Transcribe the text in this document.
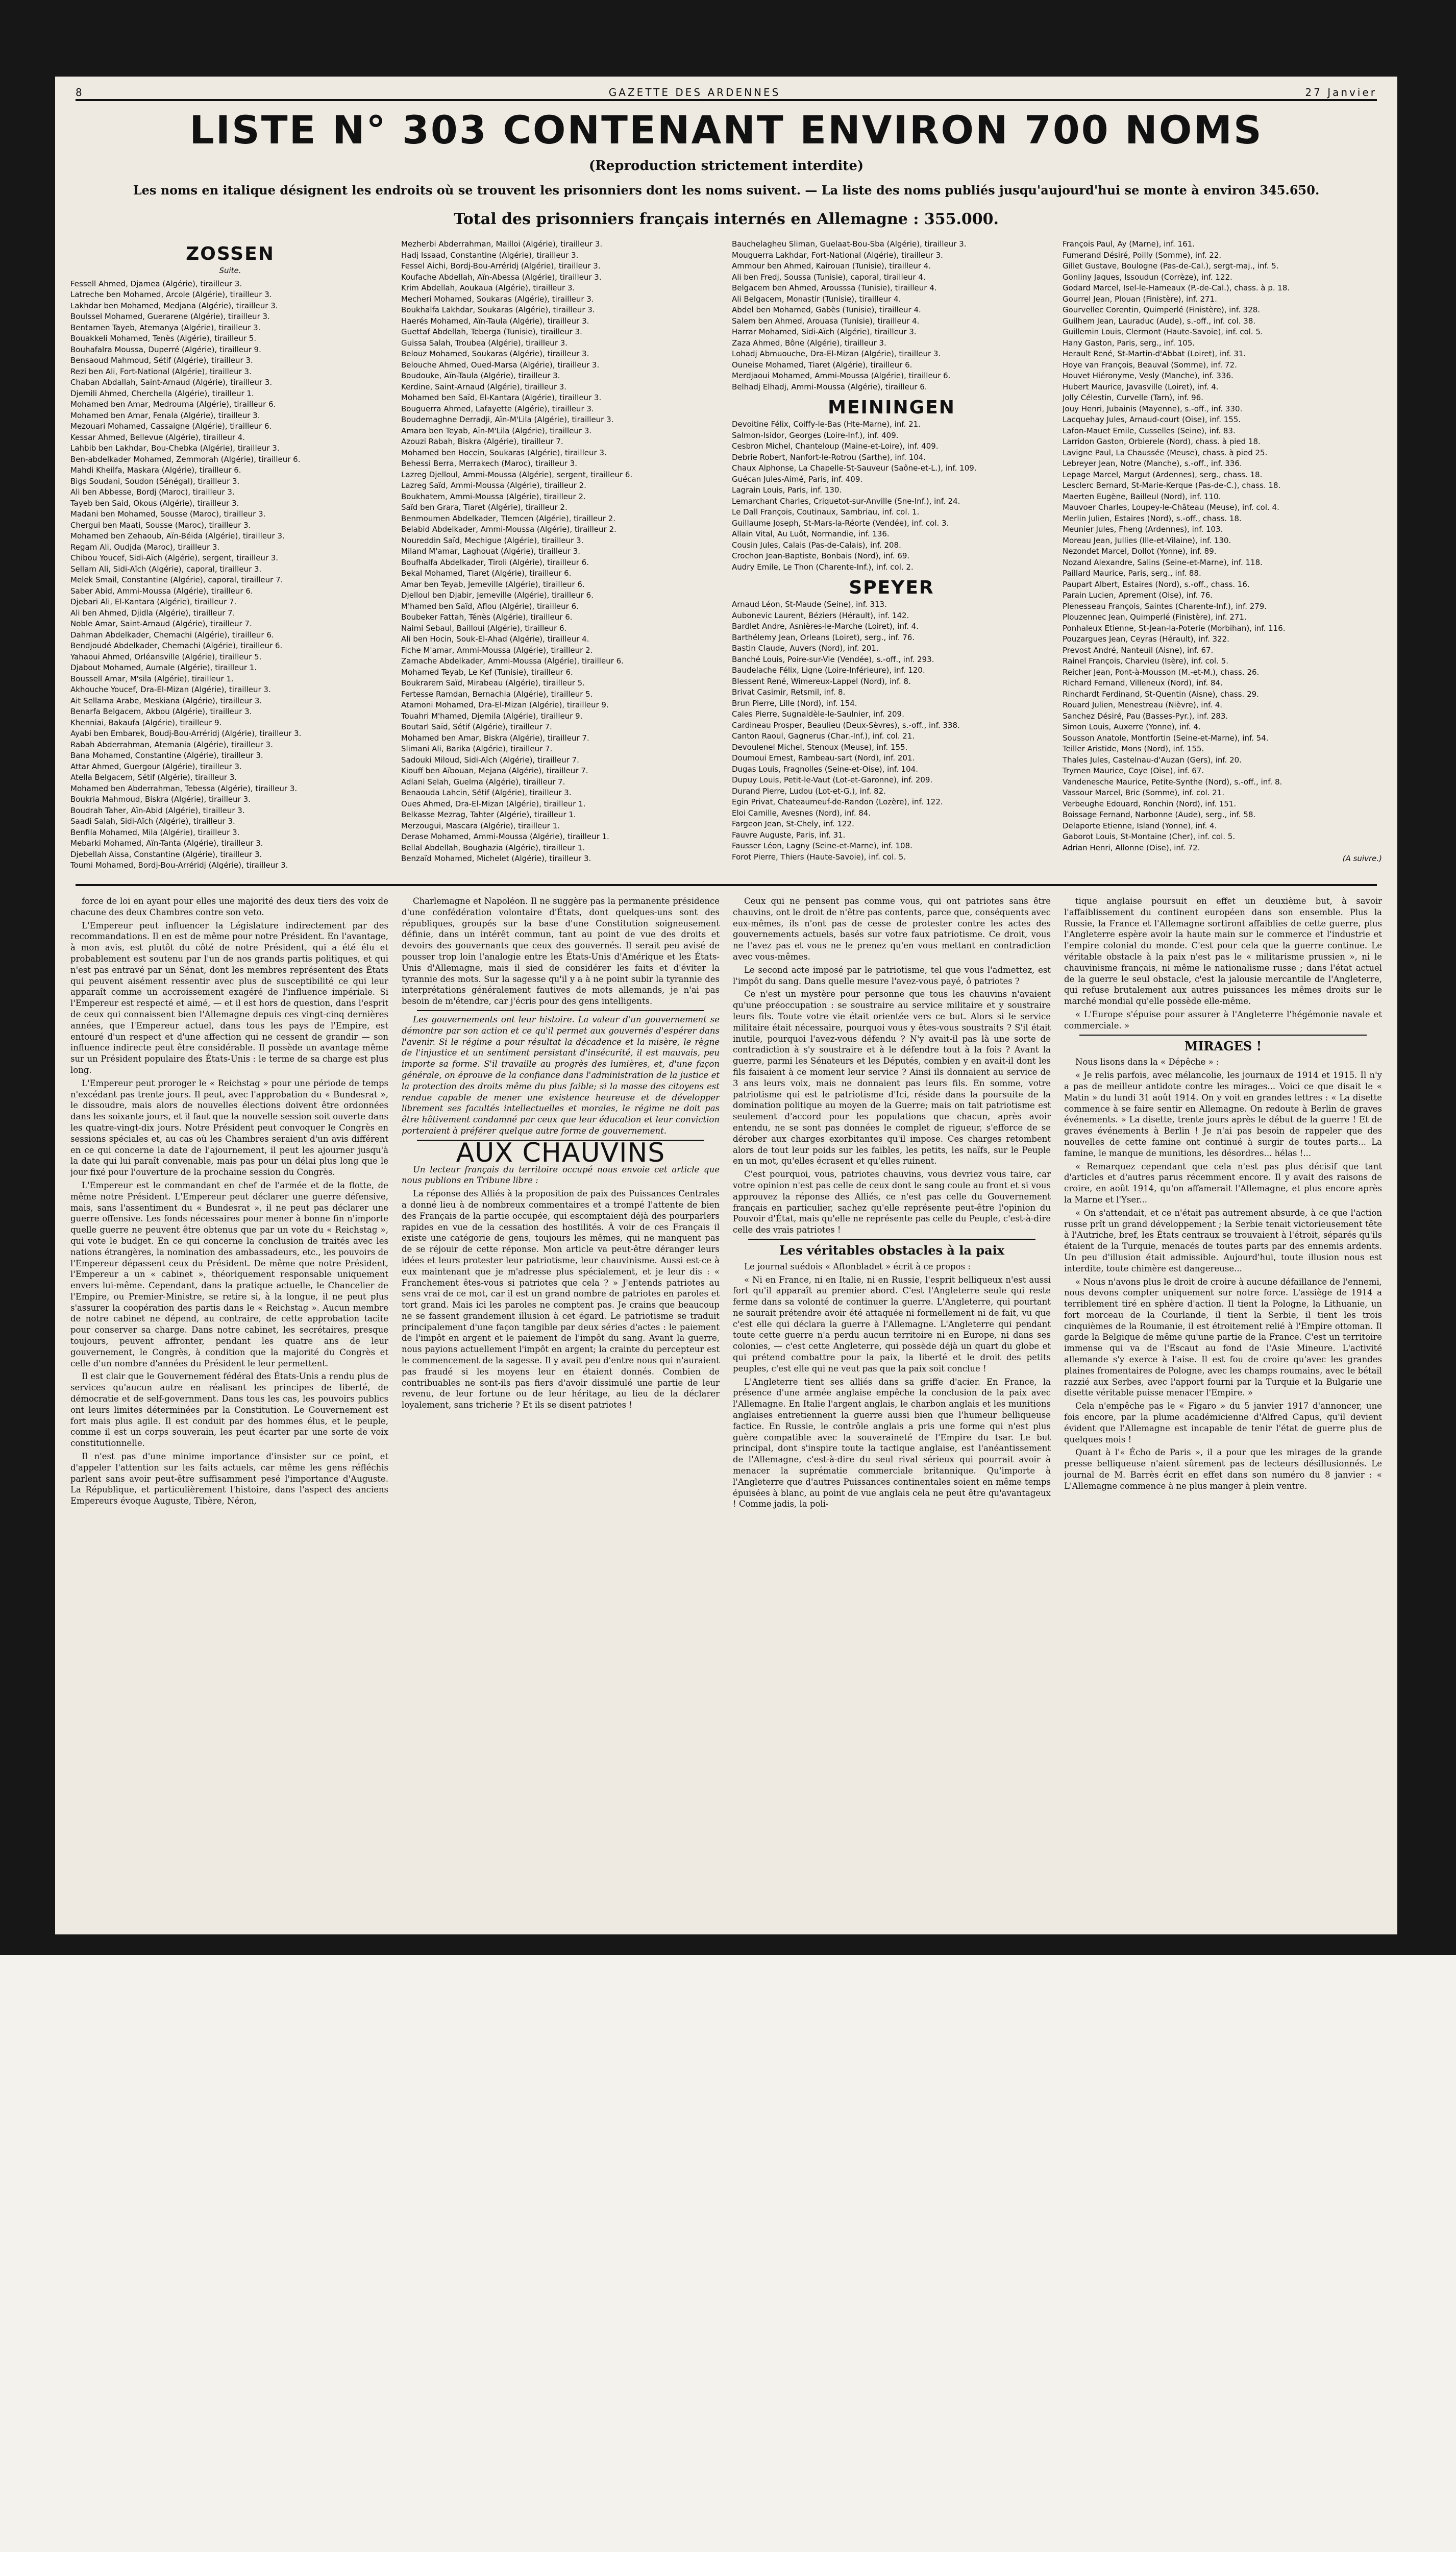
8	GAZETTE DES ARDENNES	27 Janvier
LISTE N° 303 CONTENANT ENVIRON 700 NOMS
(Reproduction strictement interdite)
Les noms en italique désignent les endroits où se trouvent les prisonniers dont les noms suivent. — La liste des noms publiés jusqu'aujourd'hui se monte à environ 345.650.
Total des prisonniers français internés en Allemagne : 355.000.
ZOSSEN
Suite.
Fessell Ahmed, Djamea (Algérie), tirailleur 3.
Latreche ben Mohamed, Arcole (Algérie), tirailleur 3.
Lakhdar ben Mohamed, Medjana (Algérie), tirailleur 3.
Boulssel Mohamed, Guerarene (Algérie), tirailleur 3.
Bentamen Tayeb, Atemanya (Algérie), tirailleur 3.
Bouakkeli Mohamed, Tenès (Algérie), tirailleur 5.
Bouhafalra Moussa, Duperré (Algérie), tirailleur 9.
Bensaoud Mahmoud, Sétif (Algérie), tirailleur 3.
Rezi ben Ali, Fort-National (Algérie), tirailleur 3.
Chaban Abdallah, Saint-Arnaud (Algérie), tirailleur 3.
Djemili Ahmed, Cherchella (Algérie), tirailleur 1.
Mohamed ben Amar, Medrouma (Algérie), tirailleur 6.
Mohamed ben Amar, Fenala (Algérie), tirailleur 3.
Mezouari Mohamed, Cassaigne (Algérie), tirailleur 6.
Kessar Ahmed, Bellevue (Algérie), tirailleur 4.
Lahbib ben Lakhdar, Bou-Chebka (Algérie), tirailleur 3.
Ben-abdelkader Mohamed, Zemmorah (Algérie), tirailleur 6.
Mahdi Kheilfa, Maskara (Algérie), tirailleur 6.
Bigs Soudani, Soudon (Sénégal), tirailleur 3.
Ali ben Abbesse, Bordj (Maroc), tirailleur 3.
Tayeb ben Said, Okous (Algérie), tirailleur 3.
Madani ben Mohamed, Sousse (Maroc), tirailleur 3.
Chergui ben Maati, Sousse (Maroc), tirailleur 3.
Mohamed ben Zehaoub, Aïn-Béida (Algérie), tirailleur 3.
Regam Ali, Oudjda (Maroc), tirailleur 3.
Chibou Youcef, Sidi-Aïch (Algérie), sergent, tirailleur 3.
Sellam Ali, Sidi-Aïch (Algérie), caporal, tirailleur 3.
Melek Smail, Constantine (Algérie), caporal, tirailleur 7.
Saber Abid, Ammi-Moussa (Algérie), tirailleur 6.
Djebari Ali, El-Kantara (Algérie), tirailleur 7.
Ali ben Ahmed, Djidla (Algérie), tirailleur 7.
Noble Amar, Saint-Arnaud (Algérie), tirailleur 7.
Dahman Abdelkader, Chemachi (Algérie), tirailleur 6.
Bendjoudé Abdelkader, Chemachi (Algérie), tirailleur 6.
Yahaoui Ahmed, Orléansville (Algérie), tirailleur 5.
Djabout Mohamed, Aumale (Algérie), tirailleur 1.
Boussell Amar, M'sila (Algérie), tirailleur 1.
Akhouche Youcef, Dra-El-Mizan (Algérie), tirailleur 3.
Ait Sellama Arabe, Meskiana (Algérie), tirailleur 3.
Benarfa Belgacem, Akbou (Algérie), tirailleur 3.
Khenniai, Bakaufa (Algérie), tirailleur 9.
Ayabi ben Embarek, Boudj-Bou-Arréridj (Algérie), tirailleur 3.
Rabah Abderrahman, Atemania (Algérie), tirailleur 3.
Bana Mohamed, Constantine (Algérie), tirailleur 3.
Attar Ahmed, Guergour (Algérie), tirailleur 3.
Atella Belgacem, Sétif (Algérie), tirailleur 3.
Mohamed ben Abderrahman, Tebessa (Algérie), tirailleur 3.
Boukria Mahmoud, Biskra (Algérie), tirailleur 3.
Boudrah Taher, Aïn-Abid (Algérie), tirailleur 3.
Saadi Salah, Sidi-Aïch (Algérie), tirailleur 3.
Benfila Mohamed, Mila (Algérie), tirailleur 3.
Mebarki Mohamed, Aïn-Tanta (Algérie), tirailleur 3.
Djebellah Aissa, Constantine (Algérie), tirailleur 3.
Toumi Mohamed, Bordj-Bou-Arréridj (Algérie), tirailleur 3.
Mezherbi Abderrahman, Mailloi (Algérie), tirailleur 3.
Hadj Issaad, Constantine (Algérie), tirailleur 3.
Fessel Aichi, Bordj-Bou-Arréridj (Algérie), tirailleur 3.
Koufache Abdellah, Aïn-Abessa (Algérie), tirailleur 3.
Krim Abdellah, Aoukaua (Algérie), tirailleur 3.
Mecheri Mohamed, Soukaras (Algérie), tirailleur 3.
Boukhalfa Lakhdar, Soukaras (Algérie), tirailleur 3.
Haerés Mohamed, Aïn-Taula (Algérie), tirailleur 3.
Guettaf Abdellah, Teberga (Tunisie), tirailleur 3.
Guissa Salah, Troubea (Algérie), tirailleur 3.
Belouz Mohamed, Soukaras (Algérie), tirailleur 3.
Belouche Ahmed, Oued-Marsa (Algérie), tirailleur 3.
Boudouke, Aïn-Taula (Algérie), tirailleur 3.
Kerdine, Saint-Arnaud (Algérie), tirailleur 3.
Mohamed ben Saïd, El-Kantara (Algérie), tirailleur 3.
Bouguerra Ahmed, Lafayette (Algérie), tirailleur 3.
Boudemaghne Derradji, Aïn-M'Lila (Algérie), tirailleur 3.
Amara ben Teyab, Aïn-M'Lila (Algérie), tirailleur 3.
Azouzi Rabah, Biskra (Algérie), tirailleur 7.
Mohamed ben Hocein, Soukaras (Algérie), tirailleur 3.
Behessi Berra, Merrakech (Maroc), tirailleur 3.
Lazreg Djelloul, Ammi-Moussa (Algérie), sergent, tirailleur 6.
Lazreg Saïd, Ammi-Moussa (Algérie), tirailleur 2.
Boukhatem, Ammi-Moussa (Algérie), tirailleur 2.
Saïd ben Grara, Tiaret (Algérie), tirailleur 2.
Benmoumen Abdelkader, Tlemcen (Algérie), tirailleur 2.
Belabid Abdelkader, Ammi-Moussa (Algérie), tirailleur 2.
Noureddin Saïd, Mechigue (Algérie), tirailleur 3.
Miland M'amar, Laghouat (Algérie), tirailleur 3.
Boufhalfa Abdelkader, Tiroli (Algérie), tirailleur 6.
Bekal Mohamed, Tiaret (Algérie), tirailleur 6.
Amar ben Teyab, Jemeville (Algérie), tirailleur 6.
Djelloul ben Djabir, Jemeville (Algérie), tirailleur 6.
M'hamed ben Saïd, Aflou (Algérie), tirailleur 6.
Boubeker Fattah, Ténès (Algérie), tirailleur 6.
Naimi Sebaul, Bailloui (Algérie), tirailleur 6.
Ali ben Hocin, Souk-El-Ahad (Algérie), tirailleur 4.
Fiche M'amar, Ammi-Moussa (Algérie), tirailleur 2.
Zamache Abdelkader, Ammi-Moussa (Algérie), tirailleur 6.
Mohamed Teyab, Le Kef (Tunisie), tirailleur 6.
Boukrarem Saïd, Mirabeau (Algérie), tirailleur 5.
Fertesse Ramdan, Bernachia (Algérie), tirailleur 5.
Atamoni Mohamed, Dra-El-Mizan (Algérie), tirailleur 9.
Touahri M'hamed, Djemila (Algérie), tirailleur 9.
Boutarl Saïd, Sétif (Algérie), tirailleur 7.
Mohamed ben Amar, Biskra (Algérie), tirailleur 7.
Slimani Ali, Barika (Algérie), tirailleur 7.
Sadouki Miloud, Sidi-Aïch (Algérie), tirailleur 7.
Kiouff ben Aïbouan, Mejana (Algérie), tirailleur 7.
Adlani Selah, Guelma (Algérie), tirailleur 7.
Benaouda Lahcin, Sétif (Algérie), tirailleur 3.
Oues Ahmed, Dra-El-Mizan (Algérie), tirailleur 1.
Belkasse Mezrag, Tahter (Algérie), tirailleur 1.
Merzougui, Mascara (Algérie), tirailleur 1.
Derase Mohamed, Ammi-Moussa (Algérie), tirailleur 1.
Bellal Abdellah, Boughazia (Algérie), tirailleur 1.
Benzaïd Mohamed, Michelet (Algérie), tirailleur 3.
Bauchelagheu Sliman, Guelaat-Bou-Sba (Algérie), tirailleur 3.
Mouguerra Lakhdar, Fort-National (Algérie), tirailleur 3.
Ammour ben Ahmed, Kairouan (Tunisie), tirailleur 4.
Ali ben Fredj, Soussa (Tunisie), caporal, tirailleur 4.
Belgacem ben Ahmed, Arousssa (Tunisie), tirailleur 4.
Ali Belgacem, Monastir (Tunisie), tirailleur 4.
Abdel ben Mohamed, Gabès (Tunisie), tirailleur 4.
Salem ben Ahmed, Arouasa (Tunisie), tirailleur 4.
Harrar Mohamed, Sidi-Aïch (Algérie), tirailleur 3.
Zaza Ahmed, Bône (Algérie), tirailleur 3.
Lohadj Abmuouche, Dra-El-Mizan (Algérie), tirailleur 3.
Ouneise Mohamed, Tiaret (Algérie), tirailleur 6.
Merdjaoui Mohamed, Ammi-Moussa (Algérie), tirailleur 6.
Belhadj Elhadj, Ammi-Moussa (Algérie), tirailleur 6.
MEININGEN
Devoitine Félix, Coiffy-le-Bas (Hte-Marne), inf. 21.
Salmon-Isidor, Georges (Loire-Inf.), inf. 409.
Cesbron Michel, Chanteloup (Maine-et-Loire), inf. 409.
Debrie Robert, Nanfort-le-Rotrou (Sarthe), inf. 104.
Chaux Alphonse, La Chapelle-St-Sauveur (Saône-et-L.), inf. 109.
Guécan Jules-Aimé, Paris, inf. 409.
Lagrain Louis, Paris, inf. 130.
Lemarchant Charles, Criquetot-sur-Anville (Sne-Inf.), inf. 24.
Le Dall François, Coutinaux, Sambriau, inf. col. 1.
Guillaume Joseph, St-Mars-la-Réorte (Vendée), inf. col. 3.
Allain Vital, Au Luôt, Normandie, inf. 136.
Cousin Jules, Calais (Pas-de-Calais), inf. 208.
Crochon Jean-Baptiste, Bonbais (Nord), inf. 69.
Audry Emile, Le Thon (Charente-Inf.), inf. col. 2.
SPEYER
Arnaud Léon, St-Maude (Seine), inf. 313.
Aubonevic Laurent, Béziers (Hérault), inf. 142.
Bardlet Andre, Asnières-le-Marche (Loiret), inf. 4.
Barthélemy Jean, Orleans (Loiret), serg., inf. 76.
Bastin Claude, Auvers (Nord), inf. 201.
Banché Louis, Poire-sur-Vie (Vendée), s.-off., inf. 293.
Baudelache Félix, Ligne (Loire-Inférieure), inf. 120.
Blessent René, Wimereux-Lappel (Nord), inf. 8.
Brivat Casimir, Retsmil, inf. 8.
Brun Pierre, Lille (Nord), inf. 154.
Cales Pierre, Sugnaldèle-le-Saulnier, inf. 209.
Cardineau Prosper, Beaulieu (Deux-Sèvres), s.-off., inf. 338.
Canton Raoul, Gagnerus (Char.-Inf.), inf. col. 21.
Devoulenel Michel, Stenoux (Meuse), inf. 155.
Doumoui Ernest, Rambeau-sart (Nord), inf. 201.
Dugas Louis, Fragnolles (Seine-et-Oise), inf. 104.
Dupuy Louis, Petit-le-Vaut (Lot-et-Garonne), inf. 209.
Durand Pierre, Ludou (Lot-et-G.), inf. 82.
Egin Privat, Chateaumeuf-de-Randon (Lozère), inf. 122.
Eloi Camille, Avesnes (Nord), inf. 84.
Fargeon Jean, St-Chely, inf. 122.
Fauvre Auguste, Paris, inf. 31.
Fausser Léon, Lagny (Seine-et-Marne), inf. 108.
Forot Pierre, Thiers (Haute-Savoie), inf. col. 5.
François Paul, Ay (Marne), inf. 161.
Fumerand Désiré, Poilly (Somme), inf. 22.
Gillet Gustave, Boulogne (Pas-de-Cal.), sergt-maj., inf. 5.
Gonliny Jaques, Issoudun (Corrèze), inf. 122.
Godard Marcel, Isel-le-Hameaux (P.-de-Cal.), chass. à p. 18.
Gourrel Jean, Plouan (Finistère), inf. 271.
Gourvellec Corentin, Quimperlé (Finistère), inf. 328.
Guilhem Jean, Lauraduc (Aude), s.-off., inf. col. 38.
Guillemin Louis, Clermont (Haute-Savoie), inf. col. 5.
Hany Gaston, Paris, serg., inf. 105.
Herault René, St-Martin-d'Abbat (Loiret), inf. 31.
Hoye van François, Beauval (Somme), inf. 72.
Houvet Hiéronyme, Vesly (Manche), inf. 336.
Hubert Maurice, Javasville (Loiret), inf. 4.
Jolly Célestin, Curvelle (Tarn), inf. 96.
Jouy Henri, Jubainis (Mayenne), s.-off., inf. 330.
Lacquehay Jules, Arnaud-court (Oise), inf. 155.
Lafon-Mauet Emile, Cusselles (Seine), inf. 83.
Larridon Gaston, Orbierele (Nord), chass. à pied 18.
Lavigne Paul, La Chaussée (Meuse), chass. à pied 25.
Lebreyer Jean, Notre (Manche), s.-off., inf. 336.
Lepage Marcel, Margut (Ardennes), serg., chass. 18.
Lesclerc Bernard, St-Marie-Kerque (Pas-de-C.), chass. 18.
Maerten Eugène, Bailleul (Nord), inf. 110.
Mauvoer Charles, Loupey-le-Château (Meuse), inf. col. 4.
Merlin Julien, Estaires (Nord), s.-off., chass. 18.
Meunier Jules, Fheng (Ardennes), inf. 103.
Moreau Jean, Jullies (Ille-et-Vilaine), inf. 130.
Nezondet Marcel, Dollot (Yonne), inf. 89.
Nozand Alexandre, Salins (Seine-et-Marne), inf. 118.
Paillard Maurice, Paris, serg., inf. 88.
Paupart Albert, Estaires (Nord), s.-off., chass. 16.
Parain Lucien, Aprement (Oise), inf. 76.
Plenesseau François, Saintes (Charente-Inf.), inf. 279.
Plouzennec Jean, Quimperlé (Finistère), inf. 271.
Ponhaleux Etienne, St-Jean-la-Poterie (Morbihan), inf. 116.
Pouzargues Jean, Ceyras (Hérault), inf. 322.
Prevost André, Nanteuil (Aisne), inf. 67.
Rainel François, Charvieu (Isère), inf. col. 5.
Reicher Jean, Pont-à-Mousson (M.-et-M.), chass. 26.
Richard Fernand, Villeneux (Nord), inf. 84.
Rinchardt Ferdinand, St-Quentin (Aisne), chass. 29.
Rouard Julien, Menestreau (Nièvre), inf. 4.
Sanchez Désiré, Pau (Basses-Pyr.), inf. 283.
Simon Louis, Auxerre (Yonne), inf. 4.
Sousson Anatole, Montfortin (Seine-et-Marne), inf. 54.
Teiller Aristide, Mons (Nord), inf. 155.
Thales Jules, Castelnau-d'Auzan (Gers), inf. 20.
Trymen Maurice, Coye (Oise), inf. 67.
Vandenesche Maurice, Petite-Synthe (Nord), s.-off., inf. 8.
Vassour Marcel, Bric (Somme), inf. col. 21.
Verbeughe Edouard, Ronchin (Nord), inf. 151.
Boissage Fernand, Narbonne (Aude), serg., inf. 58.
Delaporte Etienne, Island (Yonne), inf. 4.
Gaborot Louis, St-Montaine (Cher), inf. col. 5.
Adrian Henri, Allonne (Oise), inf. 72.
(A suivre.)

force de loi en ayant pour elles une majorité des deux tiers des voix de chacune des deux Chambres contre son veto.

L'Empereur peut influencer la Législature indirectement par des recommandations. Il en est de même pour notre Président. En l'avantage, à mon avis, est plutôt du côté de notre Président, qui a été élu et probablement est soutenu par l'un de nos grands partis politiques, et qui n'est pas entravé par un Sénat, dont les membres représentent des États qui peuvent aisément ressentir avec plus de susceptibilité ce qui leur apparaît comme un accroissement exagéré de l'influence impériale. Si l'Empereur est respecté et aimé, — et il est hors de question, dans l'esprit de ceux qui connaissent bien l'Allemagne depuis ces vingt-cinq dernières années, que l'Empereur actuel, dans tous les pays de l'Empire, est entouré d'un respect et d'une affection qui ne cessent de grandir — son influence indirecte peut être considérable. Il possède un avantage même sur un Président populaire des États-Unis : le terme de sa charge est plus long.

L'Empereur peut proroger le « Reichstag » pour une période de temps n'excédant pas trente jours. Il peut, avec l'approbation du « Bundesrat », le dissoudre, mais alors de nouvelles élections doivent être ordonnées dans les soixante jours, et il faut que la nouvelle session soit ouverte dans les quatre-vingt-dix jours. Notre Président peut convoquer le Congrès en sessions spéciales et, au cas où les Chambres seraient d'un avis différent en ce qui concerne la date de l'ajournement, il peut les ajourner jusqu'à la date qui lui paraît convenable, mais pas pour un délai plus long que le jour fixé pour l'ouverture de la prochaine session du Congrès.

L'Empereur est le commandant en chef de l'armée et de la flotte, de même notre Président. L'Empereur peut déclarer une guerre défensive, mais, sans l'assentiment du « Bundesrat », il ne peut pas déclarer une guerre offensive. Les fonds nécessaires pour mener à bonne fin n'importe quelle guerre ne peuvent être obtenus que par un vote du « Reichstag », qui vote le budget. En ce qui concerne la conclusion de traités avec les nations étrangères, la nomination des ambassadeurs, etc., les pouvoirs de l'Empereur dépassent ceux du Président. De même que notre Président, l'Empereur a un « cabinet », théoriquement responsable uniquement envers lui-même. Cependant, dans la pratique actuelle, le Chancelier de l'Empire, ou Premier-Ministre, se retire si, à la longue, il ne peut plus s'assurer la coopération des partis dans le « Reichstag ». Aucun membre de notre cabinet ne dépend, au contraire, de cette approbation tacite pour conserver sa charge. Dans notre cabinet, les secrétaires, presque toujours, peuvent affronter, pendant les quatre ans de leur gouvernement, le Congrès, à condition que la majorité du Congrès et celle d'un nombre d'années du Président le leur permettent.

Il est clair que le Gouvernement fédéral des États-Unis a rendu plus de services qu'aucun autre en réalisant les principes de liberté, de démocratie et de self-government. Dans tous les cas, les pouvoirs publics ont leurs limites déterminées par la Constitution. Le Gouvernement est fort mais plus agile. Il est conduit par des hommes élus, et le peuple, comme il est un corps souverain, les peut écarter par une sorte de voix constitutionnelle.

Il n'est pas d'une minime importance d'insister sur ce point, et d'appeler l'attention sur les faits actuels, car même les gens réfléchis parlent sans avoir peut-être suffisamment pesé l'importance d'Auguste. La République, et particulièrement l'histoire, dans l'aspect des anciens Empereurs évoque Auguste, Tibère, Néron,

Charlemagne et Napoléon. Il ne suggère pas la permanente présidence d'une confédération volontaire d'États, dont quelques-uns sont des républiques, groupés sur la base d'une Constitution soigneusement définie, dans un intérêt commun, tant au point de vue des droits et devoirs des gouvernants que ceux des gouvernés. Il serait peu avisé de pousser trop loin l'analogie entre les États-Unis d'Amérique et les États-Unis d'Allemagne, mais il sied de considérer les faits et d'éviter la tyrannie des mots. Sur la sagesse qu'il y a à ne point subir la tyrannie des interprétations généralement fautives de mots allemands, je n'ai pas besoin de m'étendre, car j'écris pour des gens intelligents.

Les gouvernements ont leur histoire. La valeur d'un gouvernement se démontre par son action et ce qu'il permet aux gouvernés d'espérer dans l'avenir. Si le régime a pour résultat la décadence et la misère, le règne de l'injustice et un sentiment persistant d'insécurité, il est mauvais, peu importe sa forme. S'il travaille au progrès des lumières, et, d'une façon générale, on éprouve de la confiance dans l'administration de la justice et la protection des droits même du plus faible; si la masse des citoyens est rendue capable de mener une existence heureuse et de développer librement ses facultés intellectuelles et morales, le régime ne doit pas être hâtivement condamné par ceux que leur éducation et leur conviction porteraient à préférer quelque autre forme de gouvernement.

AUX CHAUVINS

Un lecteur français du territoire occupé nous envoie cet article que nous publions en Tribune libre :

La réponse des Alliés à la proposition de paix des Puissances Centrales a donné lieu à de nombreux commentaires et a trompé l'attente de bien des Français de la partie occupée, qui escomptaient déjà des pourparlers rapides en vue de la cessation des hostilités. À voir de ces Français il existe une catégorie de gens, toujours les mêmes, qui ne manquent pas de se réjouir de cette réponse. Mon article va peut-être déranger leurs idées et leurs protester leur patriotisme, leur chauvinisme. Aussi est-ce à eux maintenant que je m'adresse plus spécialement, et je leur dis : « Franchement êtes-vous si patriotes que cela ? » J'entends patriotes au sens vrai de ce mot, car il est un grand nombre de patriotes en paroles et tort grand. Mais ici les paroles ne comptent pas. Je crains que beaucoup ne se fassent grandement illusion à cet égard. Le patriotisme se traduit principalement d'une façon tangible par deux séries d'actes : le paiement de l'impôt en argent et le paiement de l'impôt du sang. Avant la guerre, nous payions actuellement l'impôt en argent; la crainte du percepteur est le commencement de la sagesse. Il y avait peu d'entre nous qui n'auraient pas fraudé si les moyens leur en étaient donnés. Combien de contribuables ne sont-ils pas fiers d'avoir dissimulé une partie de leur revenu, de leur fortune ou de leur héritage, au lieu de la déclarer loyalement, sans tricherie ? Et ils se disent patriotes !

Ceux qui ne pensent pas comme vous, qui ont patriotes sans être chauvins, ont le droit de n'être pas contents, parce que, conséquents avec eux-mêmes, ils n'ont pas de cesse de protester contre les actes des gouvernements actuels, basés sur votre faux patriotisme. Ce droit, vous ne l'avez pas et vous ne le prenez qu'en vous mettant en contradiction avec vous-mêmes.

Le second acte imposé par le patriotisme, tel que vous l'admettez, est l'impôt du sang. Dans quelle mesure l'avez-vous payé, ô patriotes ?

Ce n'est un mystère pour personne que tous les chauvins n'avaient qu'une préoccupation : se soustraire au service militaire et y soustraire leurs fils. Toute votre vie était orientée vers ce but. Alors si le service militaire était nécessaire, pourquoi vous y êtes-vous soustraits ? S'il était inutile, pourquoi l'avez-vous défendu ? N'y avait-il pas là une sorte de contradiction à s'y soustraire et à le défendre tout à la fois ? Avant la guerre, parmi les Sénateurs et les Députés, combien y en avait-il dont les fils faisaient à ce moment leur service ? Ainsi ils donnaient au service de 3 ans leurs voix, mais ne donnaient pas leurs fils. En somme, votre patriotisme qui est le patriotisme d'Ici, réside dans la poursuite de la domination politique au moyen de la Guerre; mais on tait patriotisme est seulement d'accord pour les populations que chacun, après avoir entendu, ne se sont pas données le complet de rigueur, s'efforce de se dérober aux charges exorbitantes qu'il impose. Ces charges retombent alors de tout leur poids sur les faibles, les petits, les naïfs, sur le Peuple en un mot, qu'elles écrasent et qu'elles ruinent.

C'est pourquoi, vous, patriotes chauvins, vous devriez vous taire, car votre opinion n'est pas celle de ceux dont le sang coule au front et si vous approuvez la réponse des Alliés, ce n'est pas celle du Gouvernement français en particulier, sachez qu'elle représente peut-être l'opinion du Pouvoir d'État, mais qu'elle ne représente pas celle du Peuple, c'est-à-dire celle des vrais patriotes !

Les véritables obstacles à la paix

Le journal suédois « Aftonbladet » écrit à ce propos :

« Ni en France, ni en Italie, ni en Russie, l'esprit belliqueux n'est aussi fort qu'il apparaît au premier abord. C'est l'Angleterre seule qui reste ferme dans sa volonté de continuer la guerre. L'Angleterre, qui pourtant ne saurait prétendre avoir été attaquée ni formellement ni de fait, vu que c'est elle qui déclara la guerre à l'Allemagne. L'Angleterre qui pendant toute cette guerre n'a perdu aucun territoire ni en Europe, ni dans ses colonies, — c'est cette Angleterre, qui possède déjà un quart du globe et qui prétend combattre pour la paix, la liberté et le droit des petits peuples, c'est elle qui ne veut pas que la paix soit conclue !

L'Angleterre tient ses alliés dans sa griffe d'acier. En France, la présence d'une armée anglaise empêche la conclusion de la paix avec l'Allemagne. En Italie l'argent anglais, le charbon anglais et les munitions anglaises entretiennent la guerre aussi bien que l'humeur belliqueuse factice. En Russie, le contrôle anglais a pris une forme qui n'est plus guère compatible avec la souveraineté de l'Empire du tsar. Le but principal, dont s'inspire toute la tactique anglaise, est l'anéantissement de l'Allemagne, c'est-à-dire du seul rival sérieux qui pourrait avoir à menacer la suprématie commerciale britannique. Qu'importe à l'Angleterre que d'autres Puissances continentales soient en même temps épuisées à blanc, au point de vue anglais cela ne peut être qu'avantageux ! Comme jadis, la poli-

tique anglaise poursuit en effet un deuxième but, à savoir l'affaiblissement du continent européen dans son ensemble. Plus la Russie, la France et l'Allemagne sortiront affaiblies de cette guerre, plus l'Angleterre espère avoir la haute main sur le commerce et l'industrie et l'empire colonial du monde. C'est pour cela que la guerre continue. Le véritable obstacle à la paix n'est pas le « militarisme prussien », ni le chauvinisme français, ni même le nationalisme russe ; dans l'état actuel de la guerre le seul obstacle, c'est la jalousie mercantile de l'Angleterre, qui refuse brutalement aux autres puissances les mêmes droits sur le marché mondial qu'elle possède elle-même.

« L'Europe s'épuise pour assurer à l'Angleterre l'hégémonie navale et commerciale. »

MIRAGES !

Nous lisons dans la « Dépêche » :

« Je relis parfois, avec mélancolie, les journaux de 1914 et 1915. Il n'y a pas de meilleur antidote contre les mirages... Voici ce que disait le « Matin » du lundi 31 août 1914. On y voit en grandes lettres : « La disette commence à se faire sentir en Allemagne. On redoute à Berlin de graves événements. » La disette, trente jours après le début de la guerre ! Et de graves événements à Berlin ! Je n'ai pas besoin de rappeler que des nouvelles de cette famine ont continué à surgir de toutes parts... La famine, le manque de munitions, les désordres... hélas !...

« Remarquez cependant que cela n'est pas plus décisif que tant d'articles et d'autres parus récemment encore. Il y avait des raisons de croire, en août 1914, qu'on affamerait l'Allemagne, et plus encore après la Marne et l'Yser...

« On s'attendait, et ce n'était pas autrement absurde, à ce que l'action russe prît un grand développement ; la Serbie tenait victorieusement tête à l'Autriche, bref, les États centraux se trouvaient à l'étroit, séparés qu'ils étaient de la Turquie, menacés de toutes parts par des ennemis ardents. Un peu d'illusion était admissible. Aujourd'hui, toute illusion nous est interdite, toute chimère est dangereuse...

« Nous n'avons plus le droit de croire à aucune défaillance de l'ennemi, nous devons compter uniquement sur notre force. L'assiège de 1914 a terriblement tiré en sphère d'action. Il tient la Pologne, la Lithuanie, un fort morceau de la Courlande, il tient la Serbie, il tient les trois cinquièmes de la Roumanie, il est étroitement relié à l'Empire ottoman. Il garde la Belgique de même qu'une partie de la France. C'est un territoire immense qui va de l'Escaut au fond de l'Asie Mineure. L'activité allemande s'y exerce à l'aise. Il est fou de croire qu'avec les grandes plaines fromentaires de Pologne, avec les champs roumains, avec le bétail razzié aux Serbes, avec l'apport fourni par la Turquie et la Bulgarie une disette véritable puisse menacer l'Empire. »

Cela n'empêche pas le « Figaro » du 5 janvier 1917 d'annoncer, une fois encore, par la plume académicienne d'Alfred Capus, qu'il devient évident que l'Allemagne est incapable de tenir l'état de guerre plus de quelques mois !

Quant à l'« Écho de Paris », il a pour que les mirages de la grande presse belliqueuse n'aient sûrement pas de lecteurs désillusionnés. Le journal de M. Barrès écrit en effet dans son numéro du 8 janvier : « L'Allemagne commence à ne plus manger à plein ventre.
